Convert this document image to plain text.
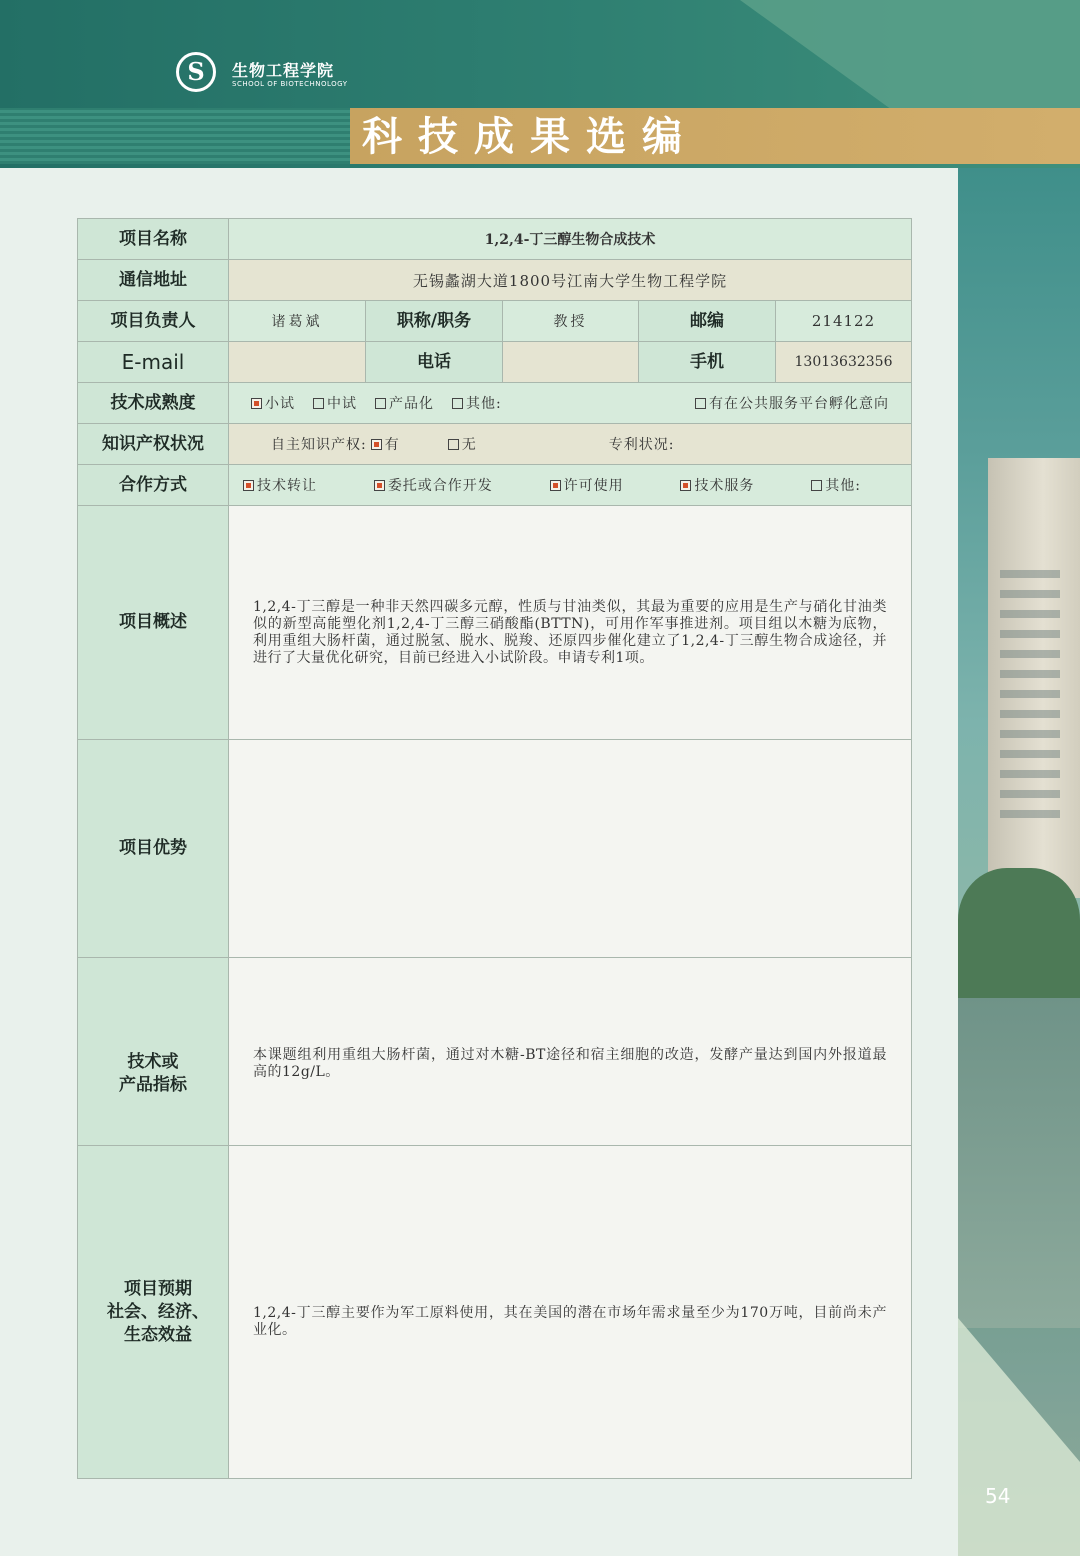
科技成果选编
S	生物工程学院
SCHOOL OF BIOTECHNOLOGY
54
项目名称	1,2,4-丁三醇生物合成技术				
通信地址	无锡蠡湖大道1800号江南大学生物工程学院				
项目负责人	诸葛斌	职称/职务	教授	邮编	214122
E-mail		电话		手机	13013632356
技术成熟度	小试 中试 产品化 其他: 有在公共服务平台孵化意向				

知识产权状况	自主知识产权: 有 无 专利状况:				

合作方式	技术转让 委托或合作开发 许可使用 技术服务 其他:				

项目概述	1,2,4-丁三醇是一种非天然四碳多元醇，性质与甘油类似，其最为重要的应用是生产与硝化甘油类似的新型高能塑化剂1,2,4-丁三醇三硝酸酯(BTTN)，可用作军事推进剂。项目组以木糖为底物，利用重组大肠杆菌，通过脱氢、脱水、脱羧、还原四步催化建立了1,2,4-丁三醇生物合成途径，并进行了大量优化研究，目前已经进入小试阶段。申请专利1项。				

项目优势					

技术或
产品指标	本课题组利用重组大肠杆菌，通过对木糖-BT途径和宿主细胞的改造，发酵产量达到国内外报道最高的12g/L。				

项目预期
社会、经济、
生态效益	1,2,4-丁三醇主要作为军工原料使用，其在美国的潜在市场年需求量至少为170万吨，目前尚未产业化。				
